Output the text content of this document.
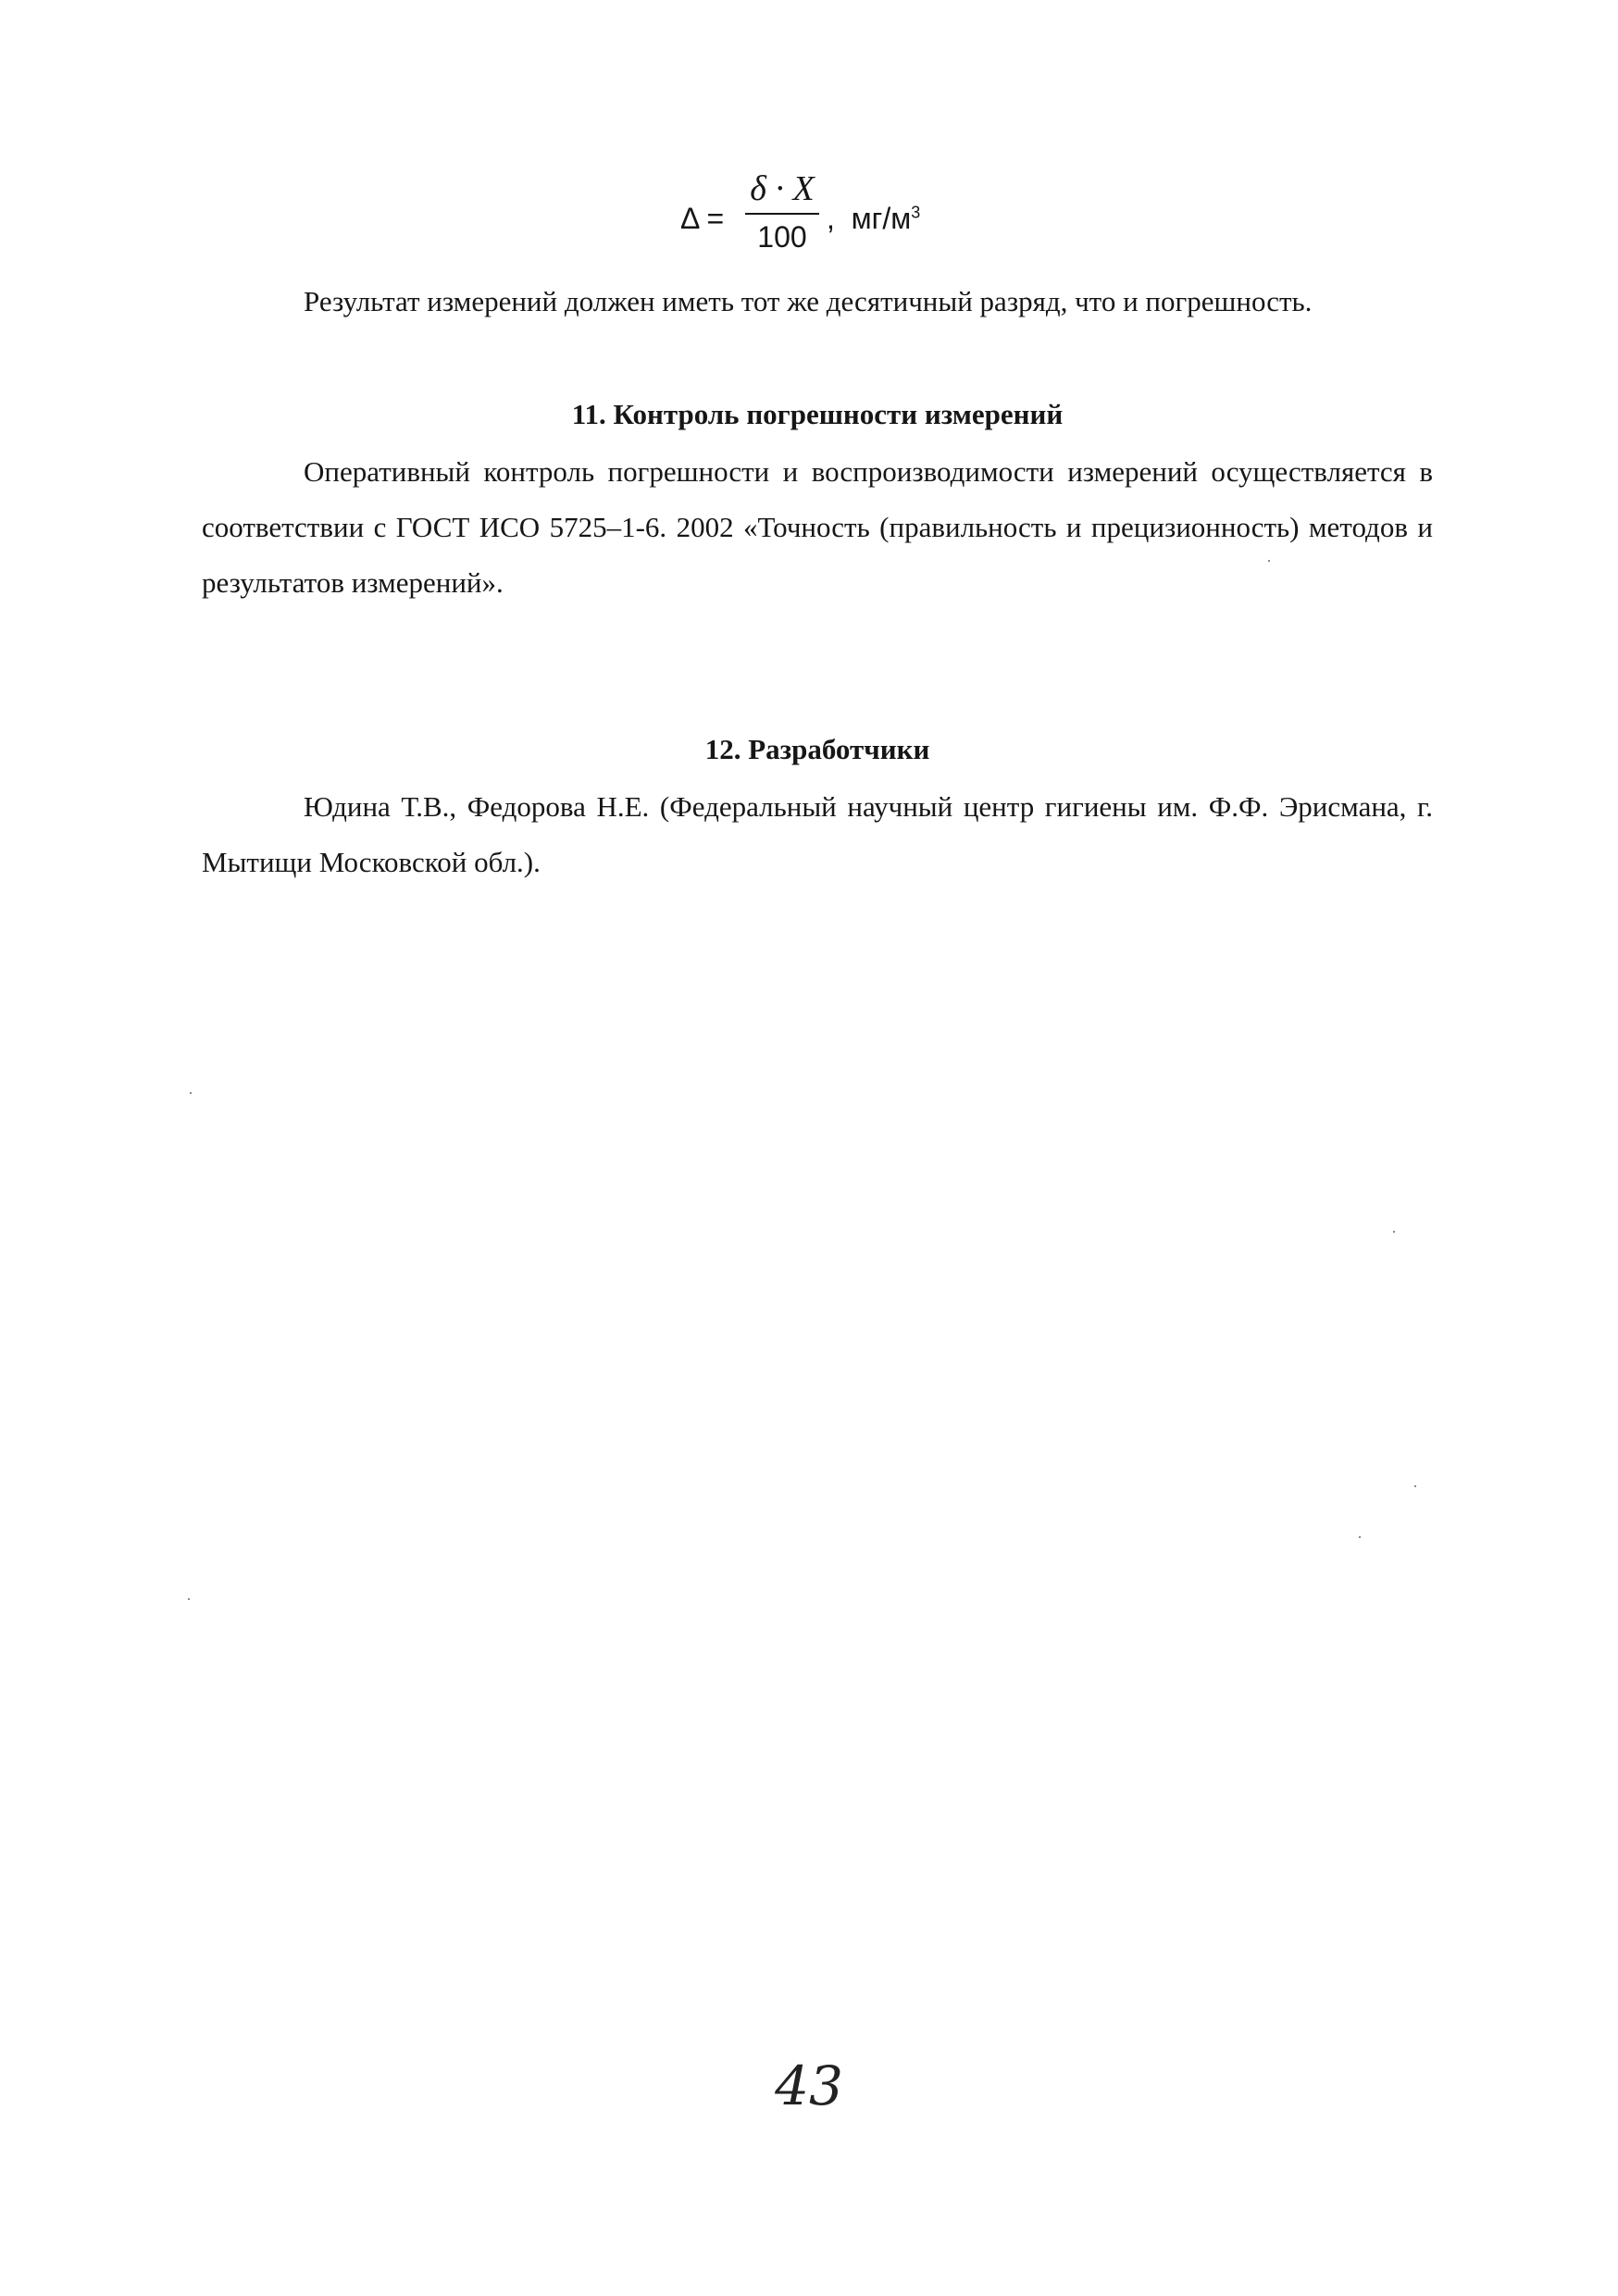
Δ =
δ · X
100
, $мг/м^3$

Результат измерений должен иметь тот же десятичный разряд, что и погрешность.

11. Контроль погрешности измерений

Оперативный контроль погрешности и воспроизводимости измерений осуществляется в соответствии с ГОСТ ИСО 5725–1-6. 2002 «Точность (правильность и прецизионность) методов и результатов измерений».

12. Разработчики

Юдина Т.В., Федорова Н.Е. (Федеральный научный центр гигиены им. Ф.Ф. Эрисмана, г. Мытищи Московской обл.).

43
